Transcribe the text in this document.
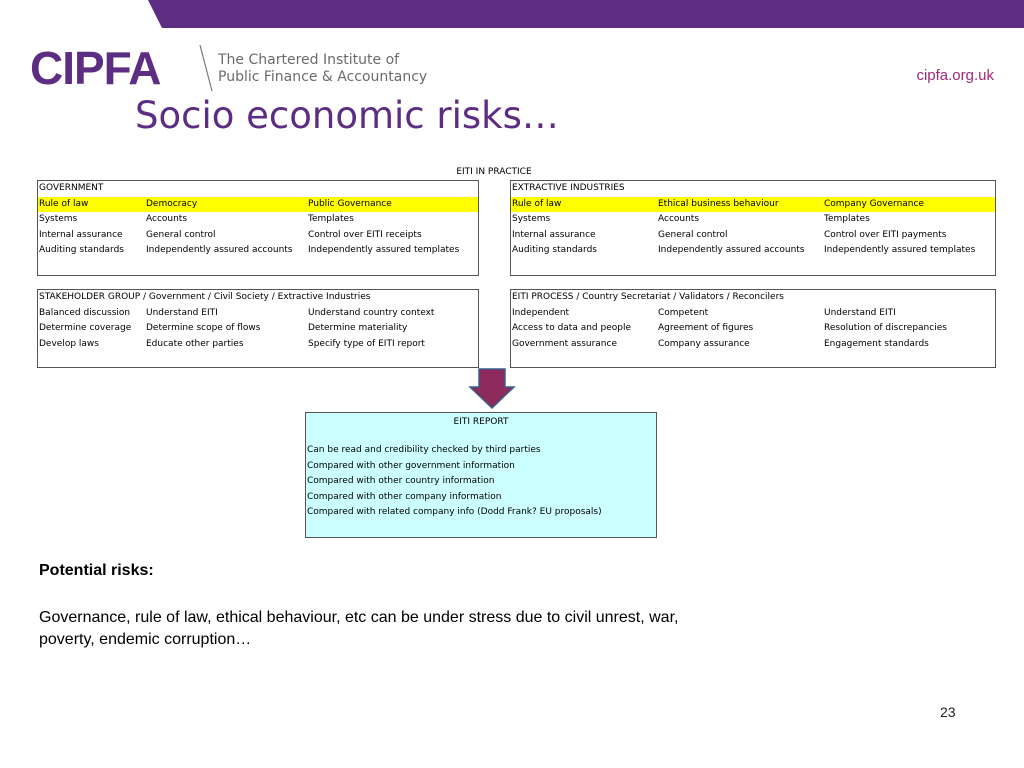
CIPFA	The Chartered Institute of
Public Finance & Accountancy	cipfa.org.uk
Socio economic risks…
EITI IN PRACTICE
GOVERNMENT
Rule of law	Democracy	Public Governance
Systems	Accounts	Templates
Internal assurance	General control	Control over EITI receipts
Auditing standards	Independently assured accounts	Independently assured templates
EXTRACTIVE INDUSTRIES
Rule of law	Ethical business behaviour	Company Governance
Systems	Accounts	Templates
Internal assurance	General control	Control over EITI payments
Auditing standards	Independently assured accounts	Independently assured templates
STAKEHOLDER GROUP / Government / Civil Society / Extractive Industries
Balanced discussion	Understand EITI	Understand country context
Determine coverage	Determine scope of flows	Determine materiality
Develop laws	Educate other parties	Specify type of EITI report
EITI PROCESS / Country Secretariat / Validators / Reconcilers
Independent	Competent	Understand EITI
Access to data and people	Agreement of figures	Resolution of discrepancies
Government assurance	Company assurance	Engagement standards
EITI REPORT
Can be read and credibility checked by third parties
Compared with other government information
Compared with other country information
Compared with other company information
Compared with related company info (Dodd Frank? EU proposals)
Potential risks:

Governance, rule of law, ethical behaviour, etc can be under stress due to civil unrest, war, poverty, endemic corruption…

23
